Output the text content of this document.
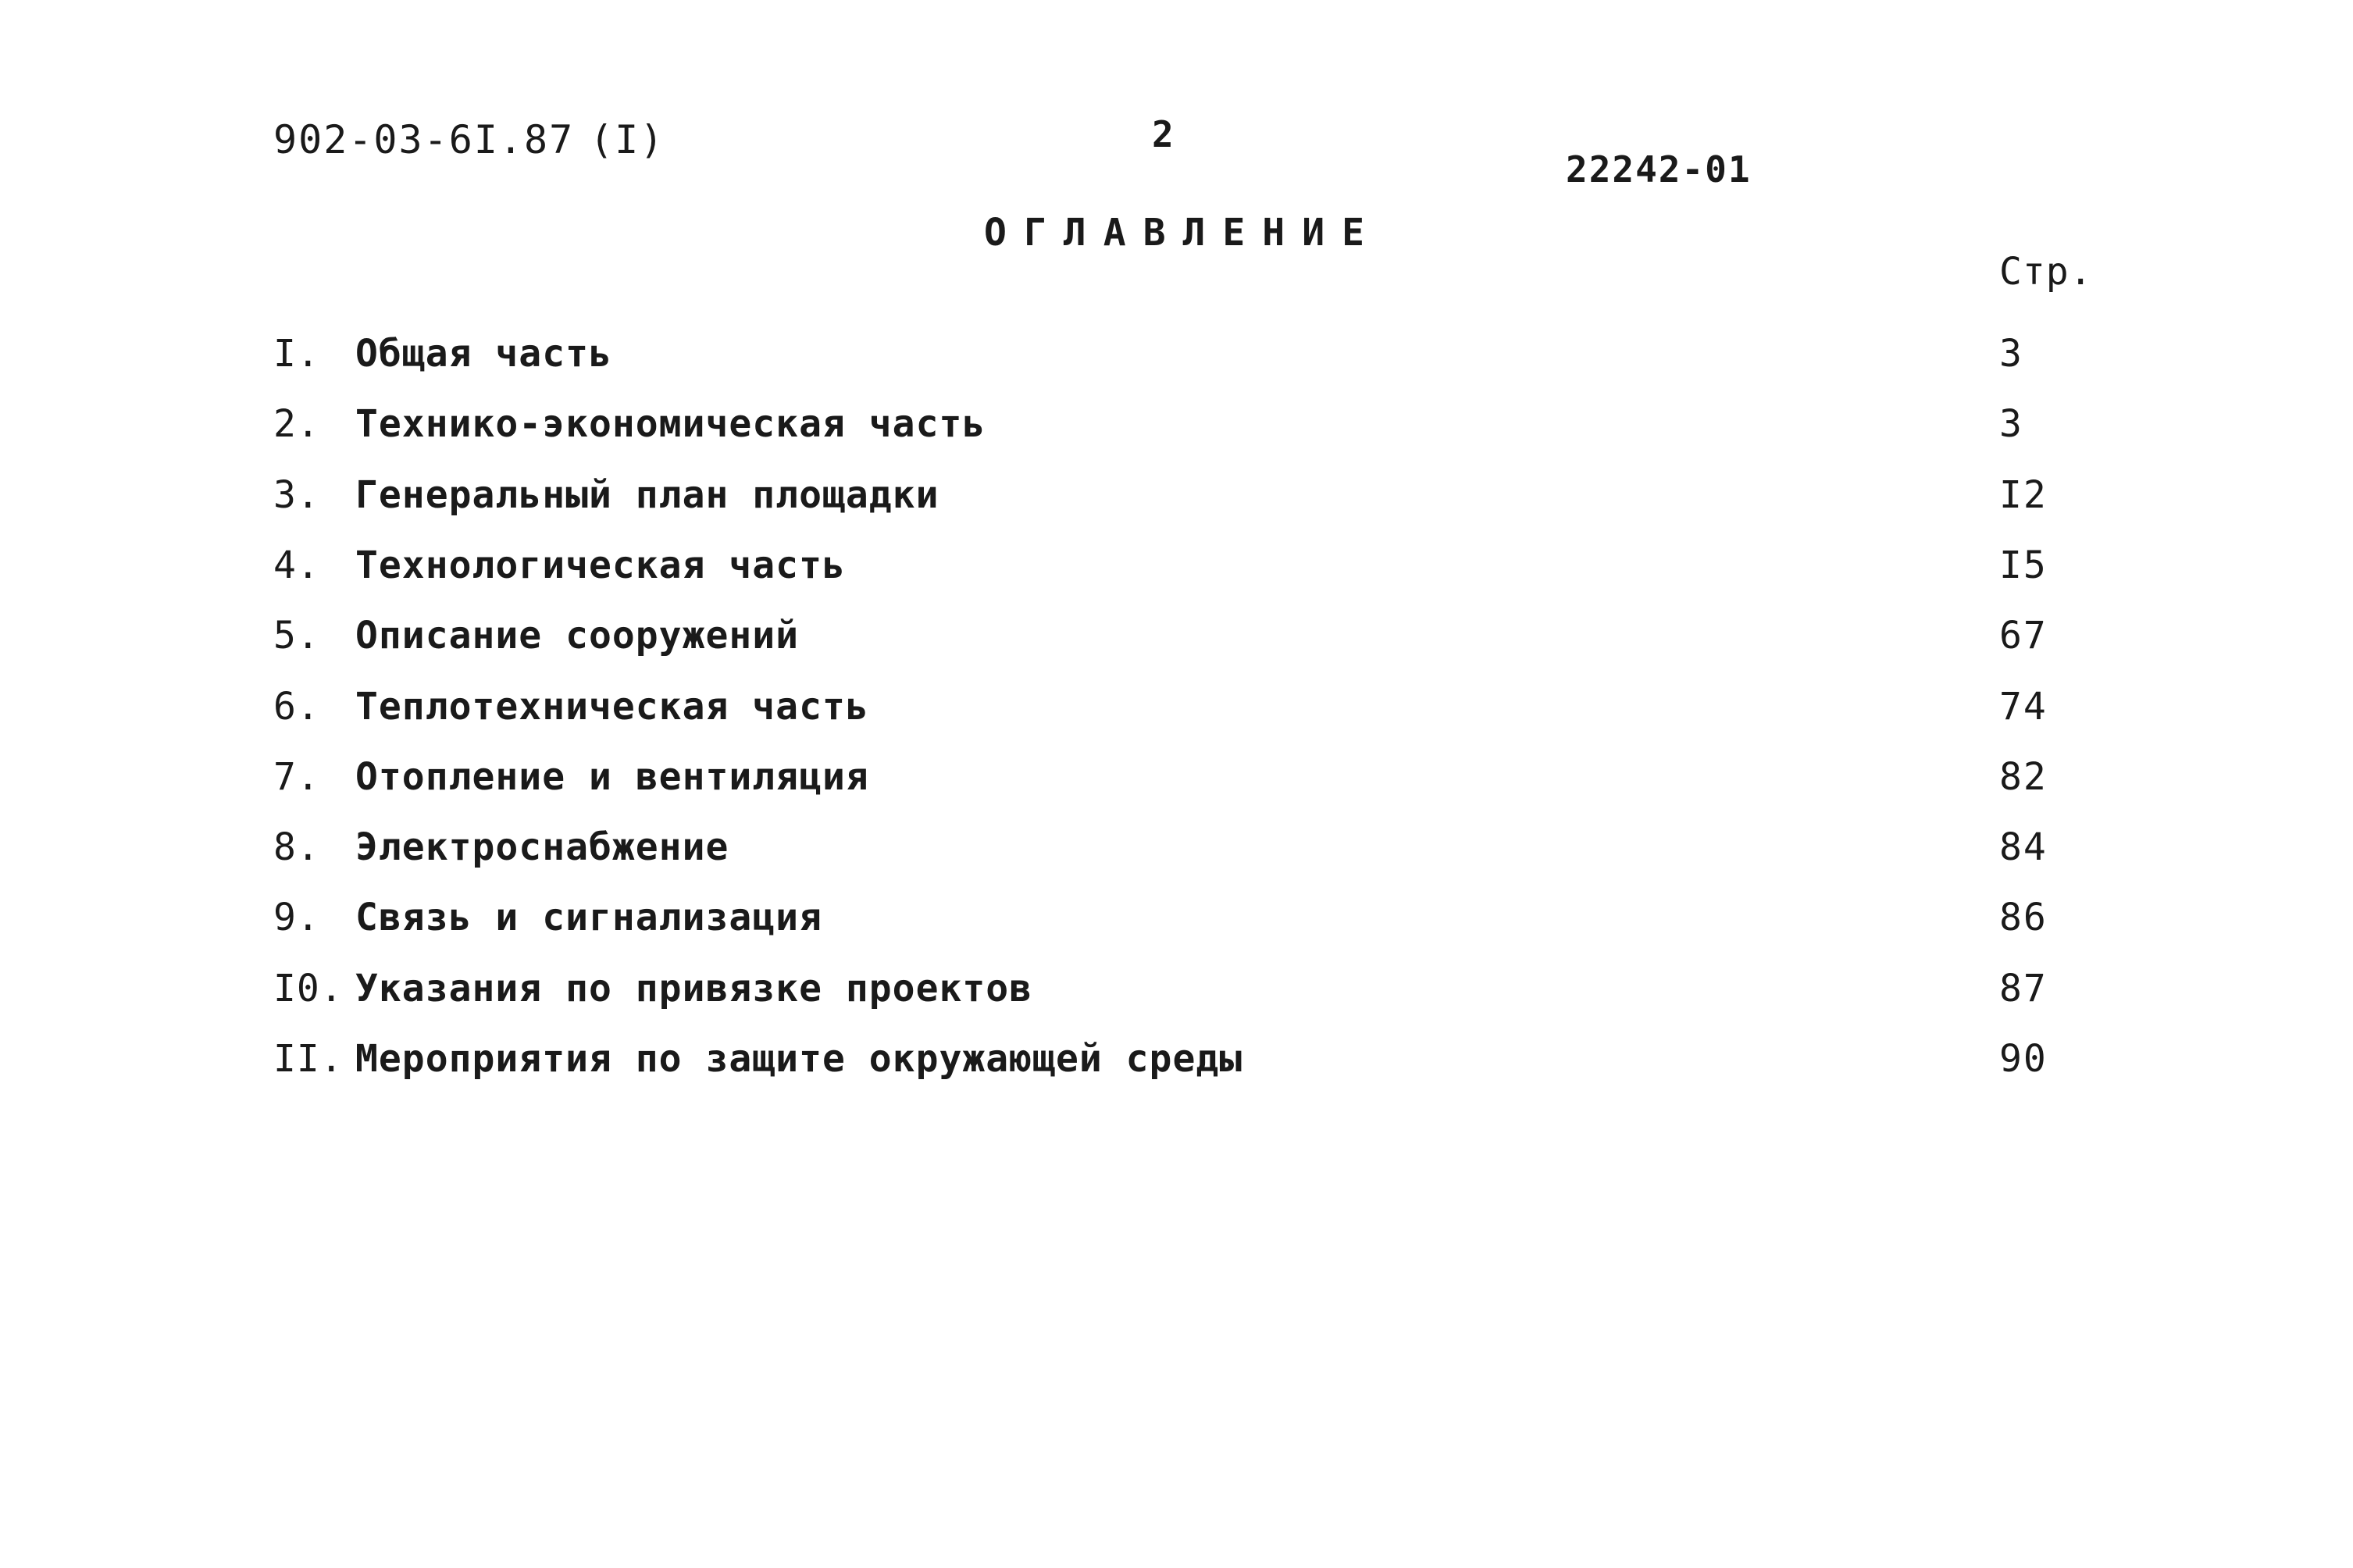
902-03-6I.87 (I)	2
22242-01
ОГЛАВЛЕНИЕ
Стр.
I. Общая часть	3
2. Технико-экономическая часть	3
3. Генеральный план площадки	I2
4. Технологическая часть	I5
5. Описание сооружений	67
6. Теплотехническая часть	74
7. Отопление и вентиляция	82
8. Электроснабжение	84
9. Связь и сигнализация	86
I0. Указания по привязке проектов	87
II. Мероприятия по защите окружающей среды	90
